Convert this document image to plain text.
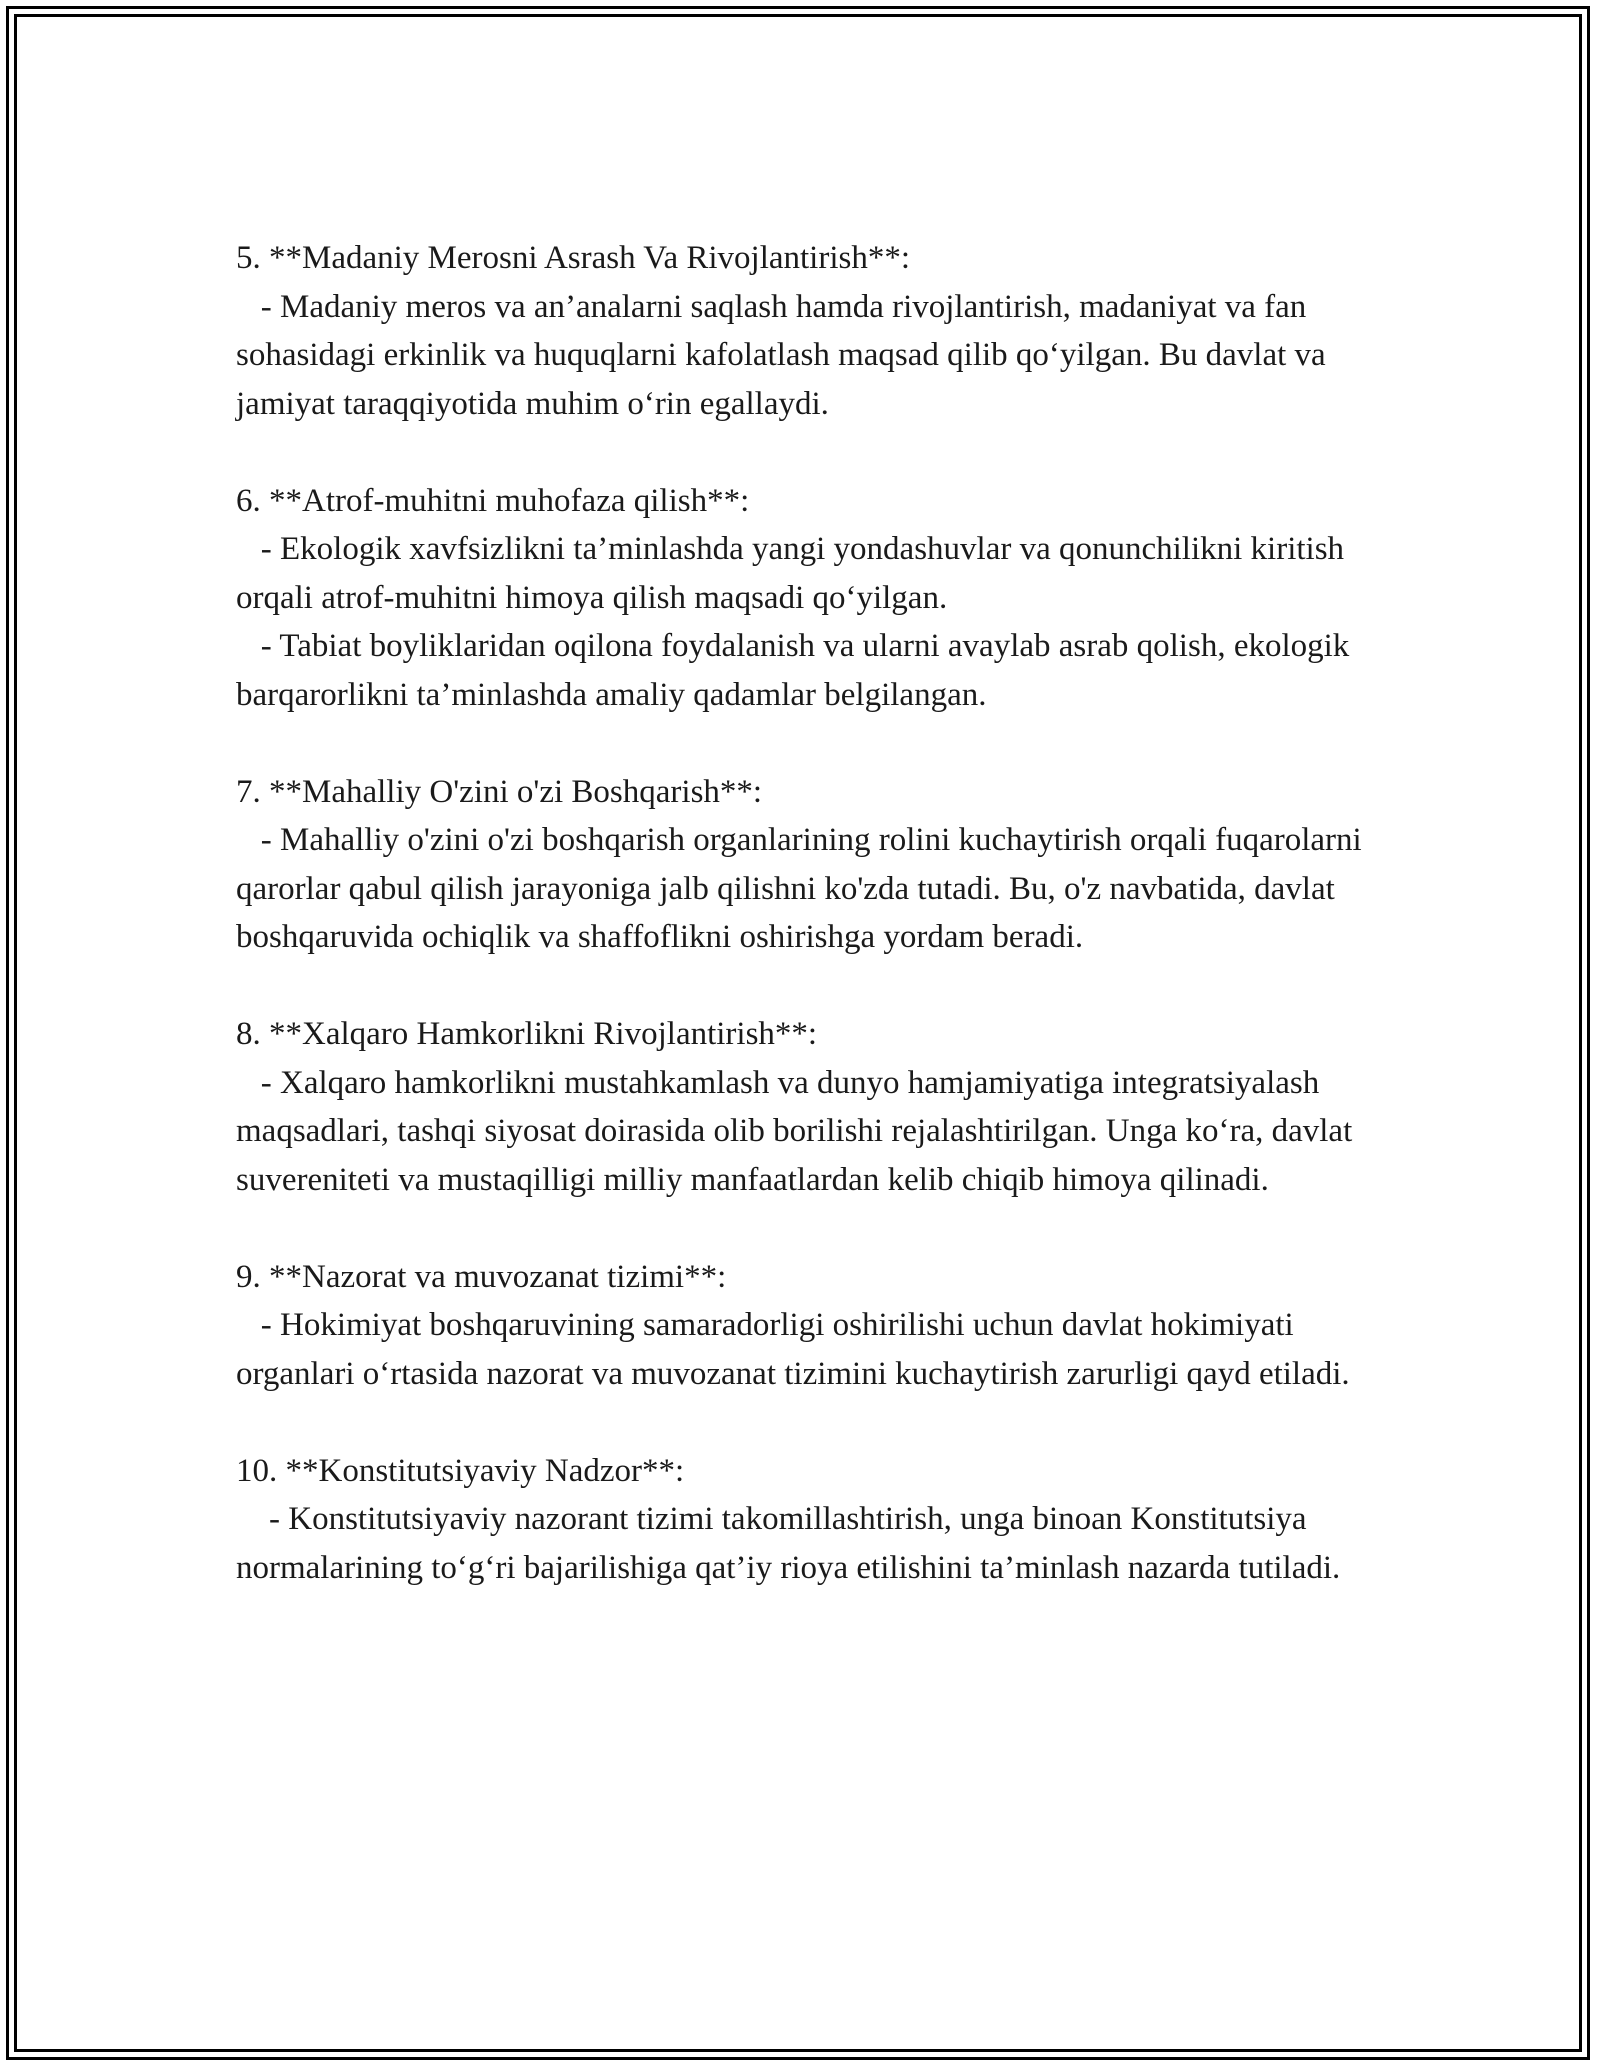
5. **Madaniy Merosni Asrash Va Rivojlantirish**:
- Madaniy meros va an’analarni saqlash hamda rivojlantirish, madaniyat va fan sohasidagi erkinlik va huquqlarni kafolatlash maqsad qilib qo‘yilgan. Bu davlat va jamiyat taraqqiyotida muhim o‘rin egallaydi.
6. **Atrof-muhitni muhofaza qilish**:
- Ekologik xavfsizlikni ta’minlashda yangi yondashuvlar va qonunchilikni kiritish orqali atrof-muhitni himoya qilish maqsadi qo‘yilgan.
- Tabiat boyliklaridan oqilona foydalanish va ularni avaylab asrab qolish, ekologik barqarorlikni ta’minlashda amaliy qadamlar belgilangan.
7. **Mahalliy O'zini o'zi Boshqarish**:
- Mahalliy o'zini o'zi boshqarish organlarining rolini kuchaytirish orqali fuqarolarni qarorlar qabul qilish jarayoniga jalb qilishni ko'zda tutadi. Bu, o'z navbatida, davlat boshqaruvida ochiqlik va shaffoflikni oshirishga yordam beradi.
8. **Xalqaro Hamkorlikni Rivojlantirish**:
- Xalqaro hamkorlikni mustahkamlash va dunyo hamjamiyatiga integratsiyalash maqsadlari, tashqi siyosat doirasida olib borilishi rejalashtirilgan. Unga ko‘ra, davlat suvereniteti va mustaqilligi milliy manfaatlardan kelib chiqib himoya qilinadi.
9. **Nazorat va muvozanat tizimi**:
- Hokimiyat boshqaruvining samaradorligi oshirilishi uchun davlat hokimiyati organlari o‘rtasida nazorat va muvozanat tizimini kuchaytirish zarurligi qayd etiladi.
10. **Konstitutsiyaviy Nadzor**:
- Konstitutsiyaviy nazorant tizimi takomillashtirish, unga binoan Konstitutsiya normalarining to‘g‘ri bajarilishiga qat’iy rioya etilishini ta’minlash nazarda tutiladi.
